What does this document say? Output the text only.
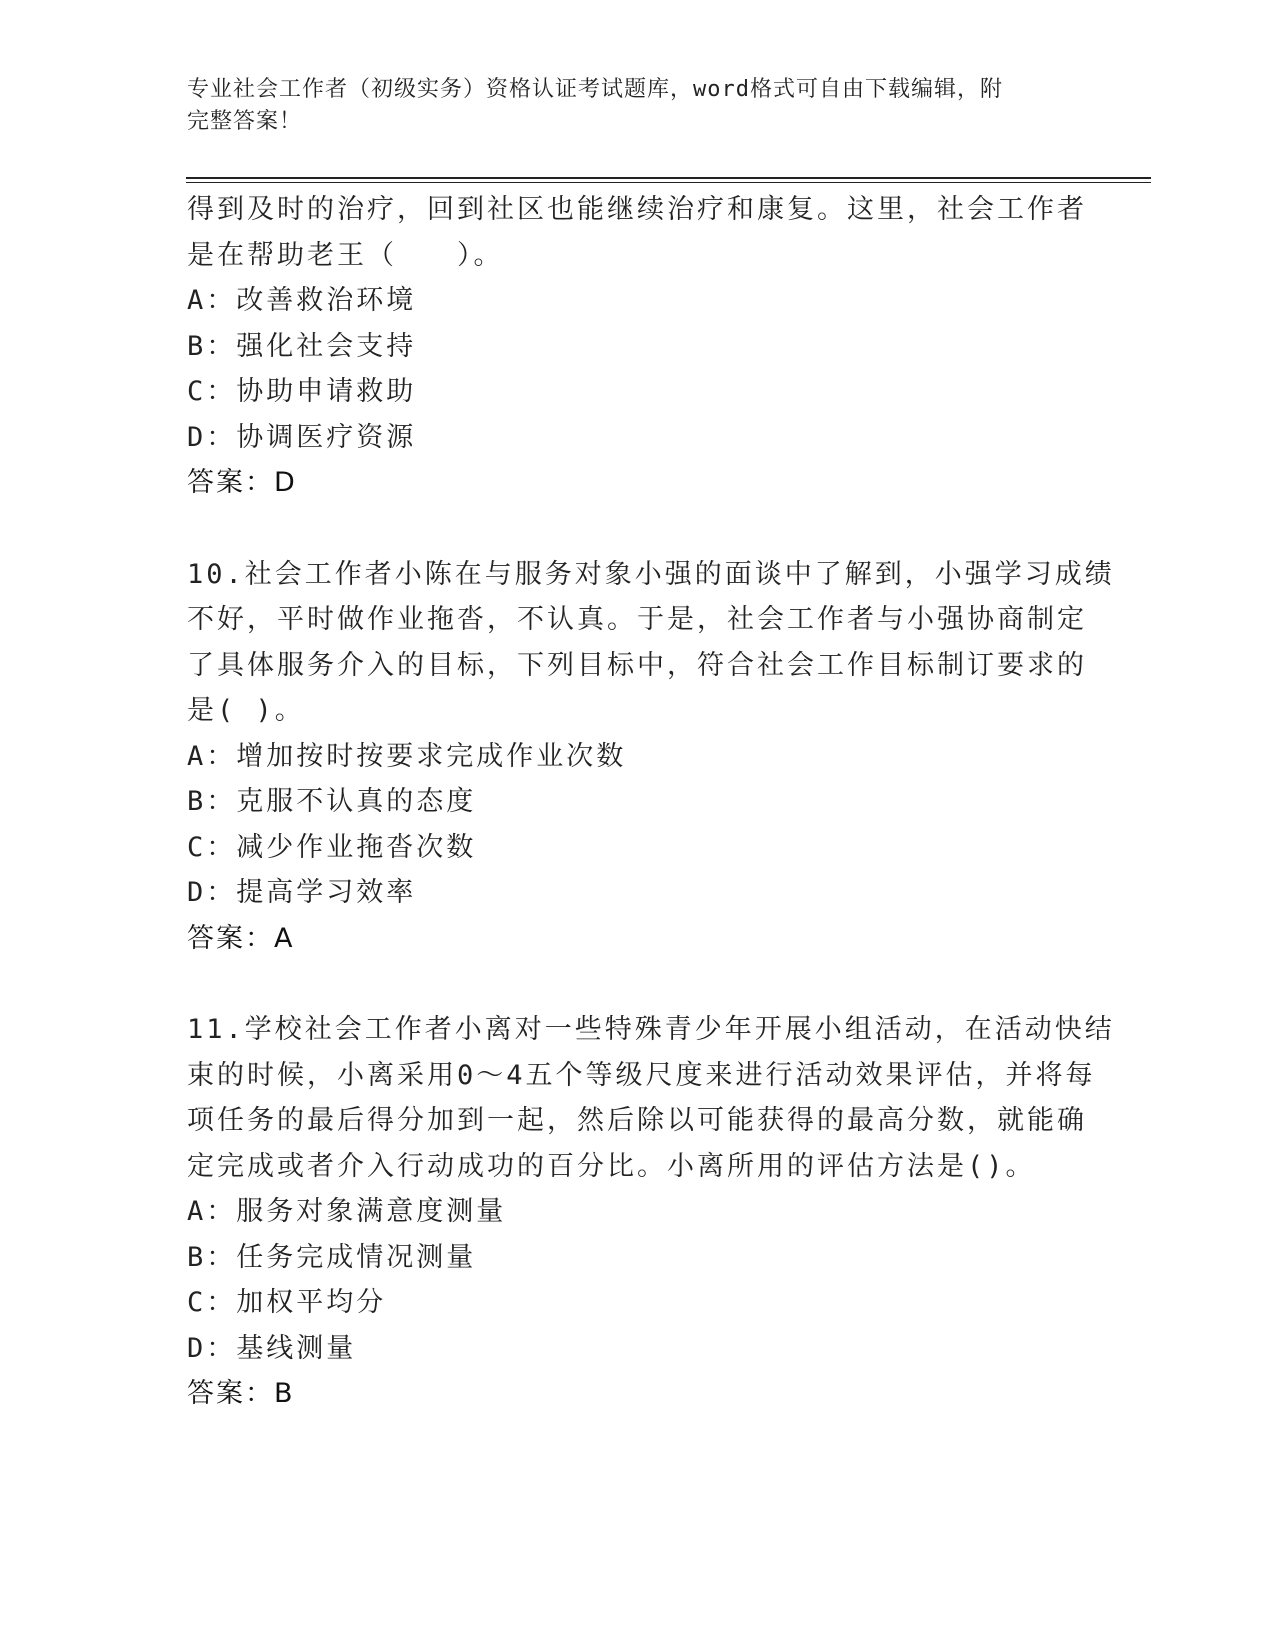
专业社会工作者（初级实务）资格认证考试题库，word格式可自由下载编辑，附
完整答案！
得到及时的治疗，回到社区也能继续治疗和康复。这里，社会工作者
是在帮助老王（　　）。
A：改善救治环境
B：强化社会支持
C：协助申请救助
D：协调医疗资源
答案：D
10.社会工作者小陈在与服务对象小强的面谈中了解到，小强学习成绩
不好，平时做作业拖沓，不认真。于是，社会工作者与小强协商制定
了具体服务介入的目标，下列目标中，符合社会工作目标制订要求的
是( )。
A：增加按时按要求完成作业次数
B：克服不认真的态度
C：减少作业拖沓次数
D：提高学习效率
答案：A
11.学校社会工作者小离对一些特殊青少年开展小组活动，在活动快结
束的时候，小离采用0～4五个等级尺度来进行活动效果评估，并将每
项任务的最后得分加到一起，然后除以可能获得的最高分数，就能确
定完成或者介入行动成功的百分比。小离所用的评估方法是()。
A：服务对象满意度测量
B：任务完成情况测量
C：加权平均分
D：基线测量
答案：B
